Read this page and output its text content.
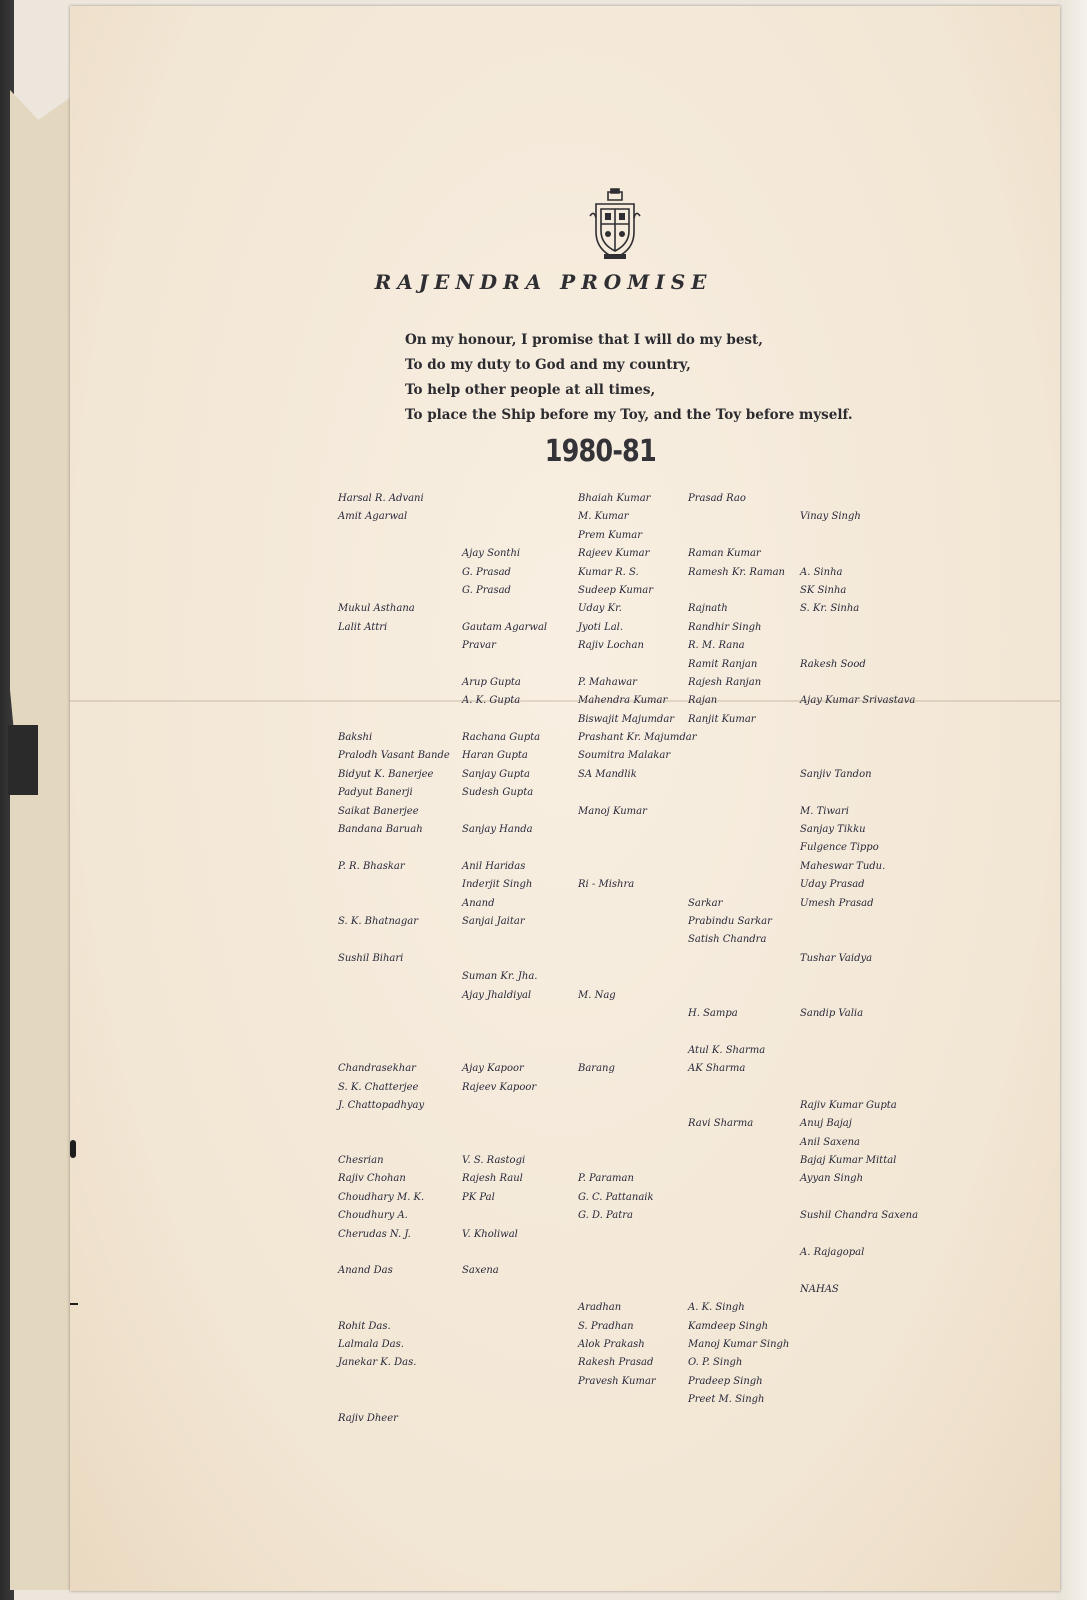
RAJENDRA PROMISE
On my honour, I promise that I will do my best,
To do my duty to God and my country,
To help other people at all times,
To place the Ship before my Toy, and the Toy before myself.
1980-81
Harsal R. Advani
Amit Agarwal
Mukul Asthana
Lalit Attri
Bakshi
Pralodh Vasant Bande
Bidyut K. Banerjee
Padyut Banerji
Saikat Banerjee
Bandana Baruah
P. R. Bhaskar
S. K. Bhatnagar
Sushil Bihari
Chandrasekhar
S. K. Chatterjee
J. Chattopadhyay
Chesrian
Rajiv Chohan
Choudhary M. K.
Choudhury A.
Cherudas N. J.
Anand Das
Rohit Das.
Lalmala Das.
Janekar K. Das.
Rajiv Dheer
Ajay Sonthi
G. Prasad
G. Prasad
Gautam Agarwal
Pravar
Arup Gupta
A. K. Gupta
Rachana Gupta
Haran Gupta
Sanjay Gupta
Sudesh Gupta
Sanjay Handa
Anil Haridas
Inderjit Singh
Anand
Sanjai Jaitar
Suman Kr. Jha.
Ajay Jhaldiyal
Ajay Kapoor
Rajeev Kapoor
V. S. Rastogi
Rajesh Raul
PK Pal
V. Kholiwal
Saxena
Bhaiah Kumar
M. Kumar
Prem Kumar
Rajeev Kumar
Kumar R. S.
Sudeep Kumar
Uday Kr.
Jyoti Lal.
Rajiv Lochan
P. Mahawar
Mahendra Kumar
Biswajit Majumdar
Prashant Kr. Majumdar
Soumitra Malakar
SA Mandlik
Manoj Kumar
Ri - Mishra
M. Nag
Barang
P. Paraman
G. C. Pattanaik
G. D. Patra
Aradhan
S. Pradhan
Alok Prakash
Rakesh Prasad
Pravesh Kumar
Prasad Rao
Raman Kumar
Ramesh Kr. Raman
Rajnath
Randhir Singh
R. M. Rana
Ramit Ranjan
Rajesh Ranjan
Rajan
Ranjit Kumar
Sarkar
Prabindu Sarkar
Satish Chandra
H. Sampa
Atul K. Sharma
AK Sharma
Ravi Sharma
A. K. Singh
Kamdeep Singh
Manoj Kumar Singh
O. P. Singh
Pradeep Singh
Preet M. Singh
Vinay Singh
A. Sinha
SK Sinha
S. Kr. Sinha
Rakesh Sood
Ajay Kumar Srivastava
Sanjiv Tandon
M. Tiwari
Sanjay Tikku
Fulgence Tippo
Maheswar Tudu.
Uday Prasad
Umesh Prasad
Tushar Vaidya
Sandip Valia
Rajiv Kumar Gupta
Anuj Bajaj
Anil Saxena
Bajaj Kumar Mittal
Ayyan Singh
Sushil Chandra Saxena
A. Rajagopal
NAHAS
